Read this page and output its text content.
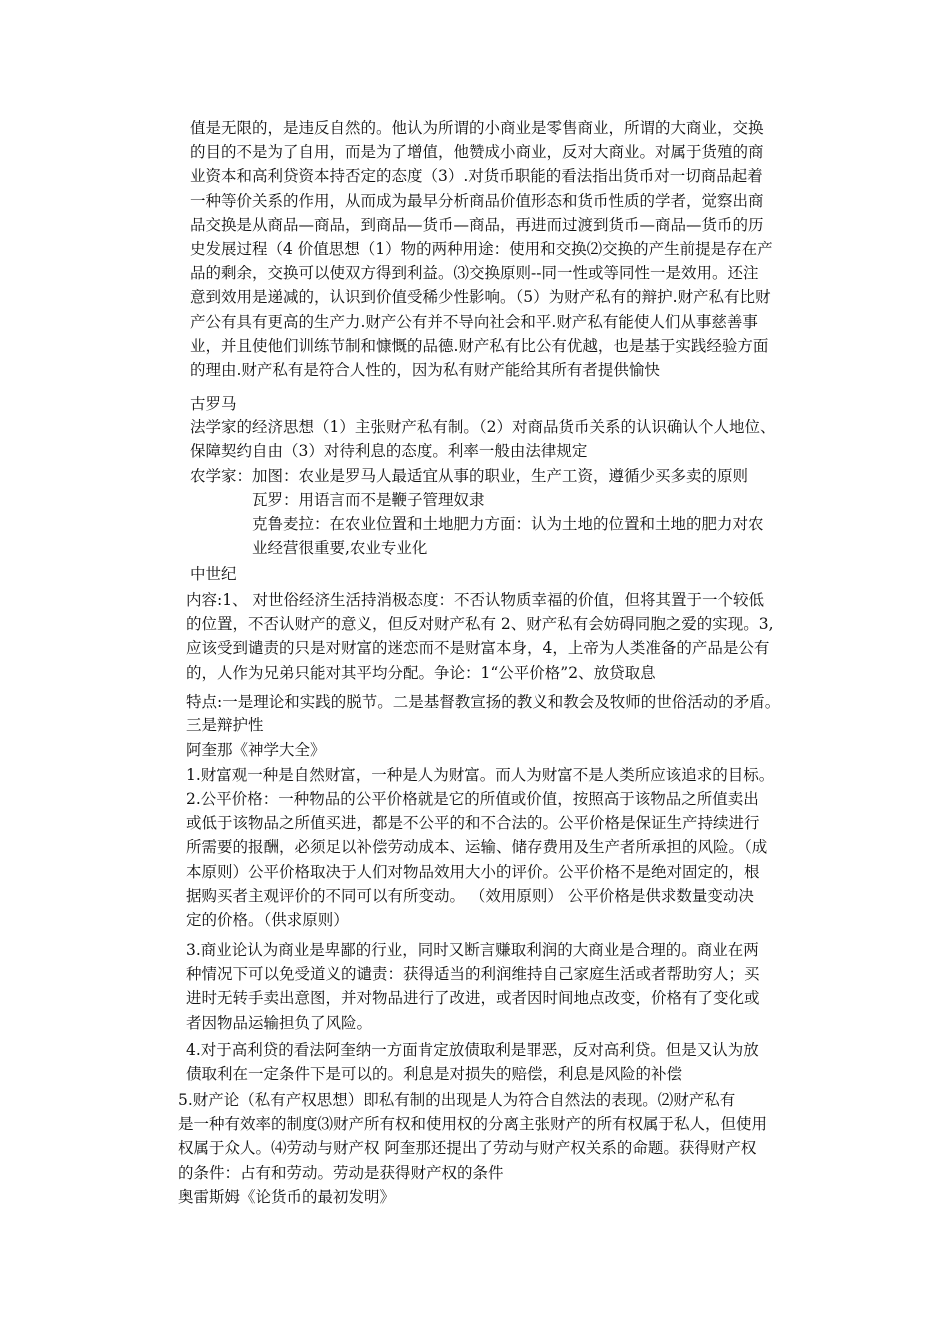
值是无限的，是违反自然的。他认为所谓的小商业是零售商业，所谓的大商业，交换
的目的不是为了自用，而是为了增值，他赞成小商业，反对大商业。对属于货殖的商
业资本和高利贷资本持否定的态度（3）.对货币职能的看法指出货币对一切商品起着
一种等价关系的作用，从而成为最早分析商品价值形态和货币性质的学者，觉察出商
品交换是从商品—商品，到商品—货币—商品，再进而过渡到货币—商品—货币的历
史发展过程（4 价值思想（1）物的两种用途：使用和交换⑵交换的产生前提是存在产
品的剩余，交换可以使双方得到利益。⑶交换原则--同一性或等同性一是效用。还注
意到效用是递减的，认识到价值受稀少性影响。（5）为财产私有的辩护.财产私有比财
产公有具有更高的生产力.财产公有并不导向社会和平.财产私有能使人们从事慈善事
业，并且使他们训练节制和慷慨的品德.财产私有比公有优越，也是基于实践经验方面
的理由.财产私有是符合人性的，因为私有财产能给其所有者提供愉快
古罗马
法学家的经济思想（1）主张财产私有制。（2）对商品货币关系的认识确认个人地位、
保障契约自由（3）对待利息的态度。利率一般由法律规定
农学家：加图：农业是罗马人最适宜从事的职业，生产工资，遵循少买多卖的原则
瓦罗：用语言而不是鞭子管理奴隶
克鲁麦拉：在农业位置和土地肥力方面：认为土地的位置和土地的肥力对农
业经营很重要,农业专业化
中世纪
内容:1、 对世俗经济生活持消极态度：不否认物质幸福的价值，但将其置于一个较低
的位置，不否认财产的意义，但反对财产私有 2、财产私有会妨碍同胞之爱的实现。3,
应该受到谴责的只是对财富的迷恋而不是财富本身，4，上帝为人类准备的产品是公有
的，人作为兄弟只能对其平均分配。争论：1“公平价格”2、放贷取息
特点:一是理论和实践的脱节。二是基督教宣扬的教义和教会及牧师的世俗活动的矛盾。
三是辩护性
阿奎那《神学大全》
1.财富观一种是自然财富，一种是人为财富。而人为财富不是人类所应该追求的目标。
2.公平价格：一种物品的公平价格就是它的所值或价值，按照高于该物品之所值卖出
或低于该物品之所值买进，都是不公平的和不合法的。公平价格是保证生产持续进行
所需要的报酬，必须足以补偿劳动成本、运输、储存费用及生产者所承担的风险。（成
本原则）公平价格取决于人们对物品效用大小的评价。公平价格不是绝对固定的，根
据购买者主观评价的不同可以有所变动。 （效用原则） 公平价格是供求数量变动决
定的价格。（供求原则）
3.商业论认为商业是卑鄙的行业，同时又断言赚取利润的大商业是合理的。商业在两
种情况下可以免受道义的谴责：获得适当的利润维持自己家庭生活或者帮助穷人；买
进时无转手卖出意图，并对物品进行了改进，或者因时间地点改变，价格有了变化或
者因物品运输担负了风险。
4.对于高利贷的看法阿奎纳一方面肯定放债取利是罪恶，反对高利贷。但是又认为放
债取利在一定条件下是可以的。利息是对损失的赔偿，利息是风险的补偿
5.财产论（私有产权思想）即私有制的出现是人为符合自然法的表现。⑵财产私有
是一种有效率的制度⑶财产所有权和使用权的分离主张财产的所有权属于私人，但使用
权属于众人。⑷劳动与财产权 阿奎那还提出了劳动与财产权关系的命题。获得财产权
的条件：占有和劳动。劳动是获得财产权的条件
奥雷斯姆《论货币的最初发明》
